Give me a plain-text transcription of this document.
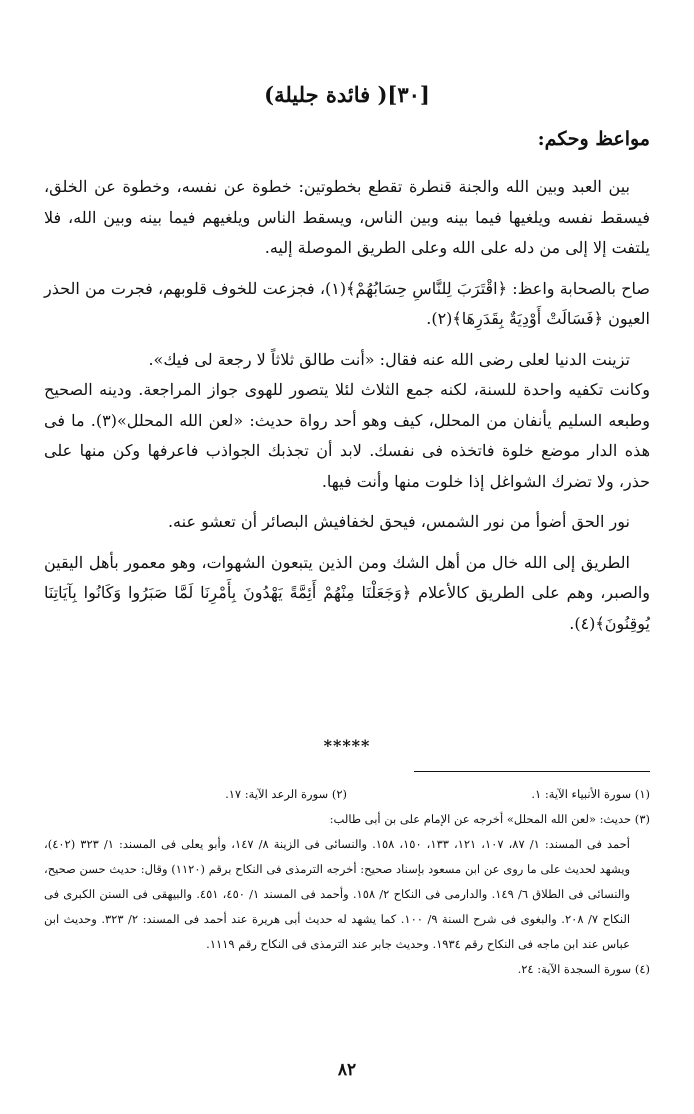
[٣٠]( فائدة جليلة)
مواعظ وحكم:

بين العبد وبين الله والجنة قنطرة تقطع بخطوتين: خطوة عن نفسه، وخطوة عن الخلق، فيسقط نفسه ويلغيها فيما بينه وبين الناس، ويسقط الناس ويلغيهم فيما بينه وبين الله، فلا يلتفت إلا إلى من دله على الله وعلى الطريق الموصلة إليه.

صاح بالصحابة واعظ: ﴿اقْتَرَبَ لِلنَّاسِ حِسَابُهُمْ﴾(١)، فجزعت للخوف قلوبهم، فجرت من الحذر العيون ﴿فَسَالَتْ أَوْدِيَةٌ بِقَدَرِهَا﴾(٢).

تزينت الدنيا لعلى رضى الله عنه فقال: «أنت طالق ثلاثاً لا رجعة لى فيك».

وكانت تكفيه واحدة للسنة، لكنه جمع الثلاث لئلا يتصور للهوى جواز المراجعة. ودينه الصحيح وطبعه السليم يأنفان من المحلل، كيف وهو أحد رواة حديث: «لعن الله المحلل»(٣). ما فى هذه الدار موضع خلوة فاتخذه فى نفسك. لابد أن تجذبك الجواذب فاعرفها وكن منها على حذر، ولا تضرك الشواغل إذا خلوت منها وأنت فيها.

نور الحق أضوأ من نور الشمس، فيحق لخفافيش البصائر أن تعشو عنه.

الطريق إلى الله خال من أهل الشك ومن الذين يتبعون الشهوات، وهو معمور بأهل اليقين والصبر، وهم على الطريق كالأعلام ﴿وَجَعَلْنَا مِنْهُمْ أَئِمَّةً يَهْدُونَ بِأَمْرِنَا لَمَّا صَبَرُوا وَكَانُوا بِآيَاتِنَا يُوقِنُونَ﴾(٤).

*****
(١) سورة الأنبياء الآية: ١.
(٢) سورة الرعد الآية: ١٧.
(٣) حديث: «لعن الله المحلل» أخرجه عن الإمام على بن أبى طالب:
أحمد فى المسند: ١/ ٨٧، ١٠٧، ١٢١، ١٣٣، ١٥٠، ١٥٨. والنسائى فى الزينة ٨/ ١٤٧، وأبو يعلى فى المسند: ١/ ٣٢٣ (٤٠٢)، ويشهد لحديث على ما روى عن ابن مسعود بإسناد صحيح: أخرجه الترمذى فى النكاح برقم (١١٢٠) وقال: حديث حسن صحيح، والنسائى فى الطلاق ٦/ ١٤٩. والدارمى فى النكاح ٢/ ١٥٨. وأحمد فى المسند ١/ ٤٥٠، ٤٥١. والبيهقى فى السنن الكبرى فى النكاح ٧/ ٢٠٨. والبغوى فى شرح السنة ٩/ ١٠٠. كما يشهد له حديث أبى هريرة عند أحمد فى المسند: ٢/ ٣٢٣. وحديث ابن عباس عند ابن ماجه فى النكاح رقم ١٩٣٤. وحديث جابر عند الترمذى فى النكاح رقم ١١١٩.
(٤) سورة السجدة الآية: ٢٤.
٨٢
